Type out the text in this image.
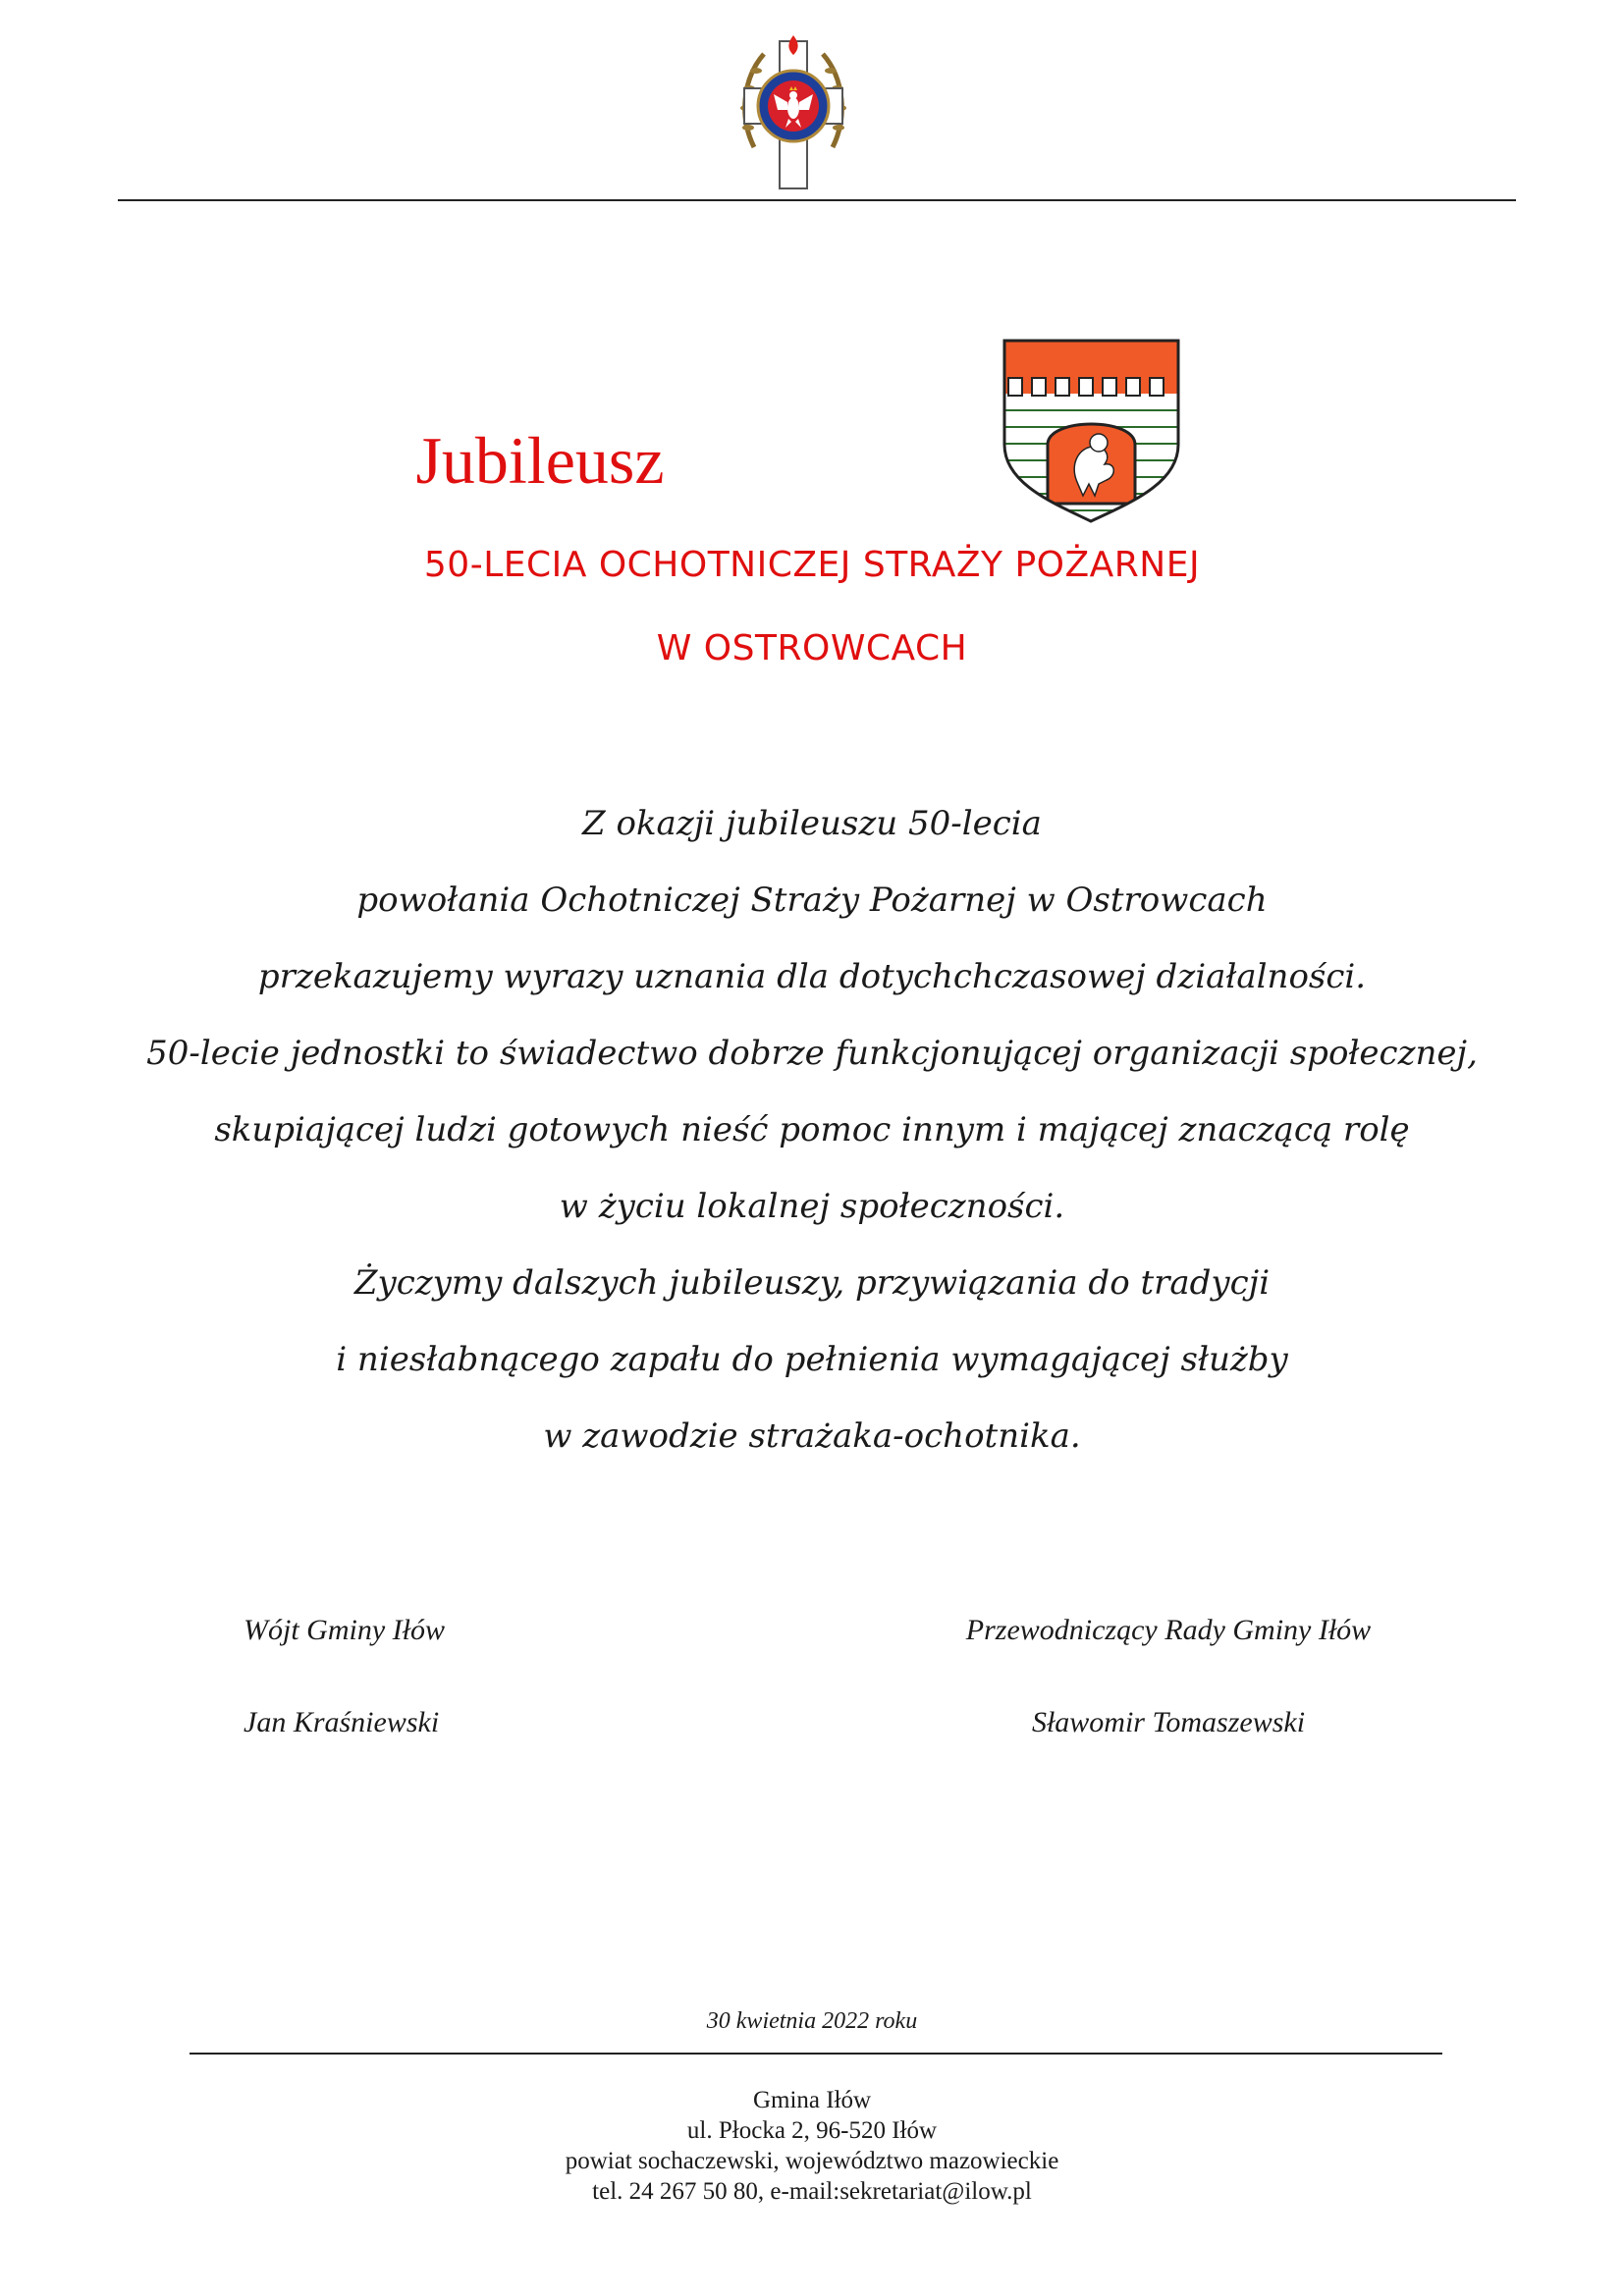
Jubileusz
50-LECIA OCHOTNICZEJ STRAŻY POŻARNEJ
W OSTROWCACH
Z okazji jubileuszu 50-lecia
powołania Ochotniczej Straży Pożarnej w Ostrowcach
przekazujemy wyrazy uznania dla dotychchczasowej działalności.
50-lecie jednostki to świadectwo dobrze funkcjonującej organizacji społecznej,
skupiającej ludzi gotowych nieść pomoc innym i mającej znaczącą rolę
w życiu lokalnej społeczności.
Życzymy dalszych jubileuszy, przywiązania do tradycji
i niesłabnącego zapału do pełnienia wymagającej służby
w zawodzie strażaka-ochotnika.
Wójt Gminy Iłów
Jan Kraśniewski
Przewodniczący Rady Gminy Iłów
Sławomir Tomaszewski
30 kwietnia 2022 roku
Gmina Iłów
ul. Płocka 2, 96-520 Iłów
powiat sochaczewski, województwo mazowieckie
tel. 24 267 50 80, e-mail:sekretariat@ilow.pl
